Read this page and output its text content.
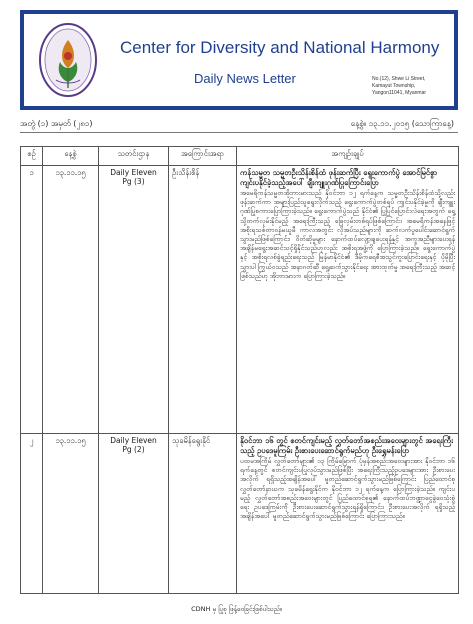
Center for Diversity and National Harmony
Daily News Letter	No.(12), Shwe Li Street,
Kamayut Township,
Yangon11041, Myanmar
အတွဲ (၁) အမှတ် (၂၈၁)	နေ့စွဲ။ ၁၃.၁၁.၂၀၁၅ (သောကြာနေ့)
စဉ်	နေ့စွဲ	သတင်းဌာန	အကြောင်းအရာ	အကျဉ်းချုပ်
၁	၁၃.၁၁.၁၅	Daily Eleven
Pg (3)	ဦးသိန်းစိန်	ကန်သမ္မတ သမ္မတဦးသိန်းစိန်ထံ ဖုန်းဆက်ပြီး ရွေးကောက်ပွဲ အောင်မြင်စွာကျင်းပနိုင်ခဲ့သည့်အပေါ် ချီးကျူးဂုဏ်ပြုကြောင်းပြော
အမေရိကန်သမ္မတအိုဘားမားသည် နိုဝင်ဘာ ၁၂ ရက်နေ့က သမ္မတဦးသိန်းစိန်ထံသို့လည်း ဖုန်းဆက်ကာ အများပြည်သူရွေးလိုက်သည့် ရွေးကောက်ပွဲတစ်ရပ် ကျင်းပနိုင်ခဲ့မှုကို ချီးကျူးဂုဏ်ပြုစကားပြောကြားခဲ့သည်။ ရွေးကောက်ပွဲသည် နိုင်ငံ၏ ပြုပြင်ပြောင်းလဲရေးအတွက် ရှေ့သို့တက်လှမ်းနိုင်မည့် အရေးကြီးသည့် ခြေလှမ်းတစ်ရပ်ဖြစ်ကြောင်း၊ အမေရိကန်အနေဖြင့် အစိုးရသစ်တာဝန်မယူမီ ကာလအတွင်း လိုအပ်သည်များကို ဆက်လက်ပူပေါင်းဆောင်ရွက်သွားမည်ဖြစ်ကြောင်း၊ ဝိတ်ဆိုမှုများ နောက်ထပ်လျော့ချပေးရန်နှင့် အကူအညီများပေးရန် အချိန်မရွေးအဆင်သင့်ရှိနိုင်သည်ဟုလည်း အစိုးရအဖွဲ့ကို ပြောကြားခဲ့သည်။ ရွေးကောက်ပွဲနှင့် အစိုးရလစ်ခွဲရည်းရေးသည် မြန်မာနိုင်ငံ၏ ဒီမိုကရေစီအသွင်ကူးပြောင်းရေးနှင့် ပိုမိုပြီးသွားပါ ကြွယ်ဝသည် အနာဂတ်ဆီ ရှေ့ဆက်သွားနိုင်ရေး အားထုတ်မှု အရေးကြီးသည့် အဆင့်ဖြစ်သည်ဟု အိုဘားမားက ပြောကြားခဲ့သည်။

၂	၁၃.၁၁.၁၅	Daily Eleven
Pg (2)	သုခမိန်ရွေးနိုင်	နိုဝင်ဘာ ၁၆ တွင် စတင်ကျင်းမည့် လွှတ်တော်အစည်းအဝေးများတွင် အရေးကြီးသည့် ဥပဒေမူကြမ်း ဦးစားပေးဆောင်ရွက်မည်ဟု ဦးရွှေမန်းပြော
ပထမအကြိမ် လွှတ်တော်များ၏ ၁၃ ကြိမ်မြောက် ပုံမှန်အစည်းအဝေးများအား နိုဝင်ဘာ ၁၆ ရက်နေ့တွင် စတင်ကျင်းပပြုလုပ်သွားမည်ဖြစ်ပြီး အရေးကြီးသည့်ဥပဒေများအား ဦးစားပေး အလိုက် ရရှိသည့်အချိန်အပေါ် မူတည်ဆောင်ရွက်သွားမည်ဖြစ်ကြောင်း ပြည်ထောင်စုလွှတ်တော်နာယက သုခမိန်ရွေးနိုင်က နိုဝင်ဘာ ၁၂ ရက်နေ့က ပြောကြားခဲ့သည်။ ကျင်းပမည့် လွှတ်တော်အစည်းအဝေးများတွင် ပြည်ထောင်စုရ၏ နောက်ထပ်ဘဏ္ဍာငွေခွဲဝေသုံးစွဲရေး ဥပဒေကြမ်းကို ဦးစားပေးဆောင်ရွက်သွားရန်ရှိကြောင်း၊ ဦးစားပေးအလိုက် ရရှိသည့်အချိန်အပေါ် မူတည်ဆောင်ရွက်သွားမည်ဖြစ်ကြောင်း ပြောကြားသည်။
CDNH မှ ပြုစု ဖြန့်ဝေခြင်းဖြစ်ပါသည်။
